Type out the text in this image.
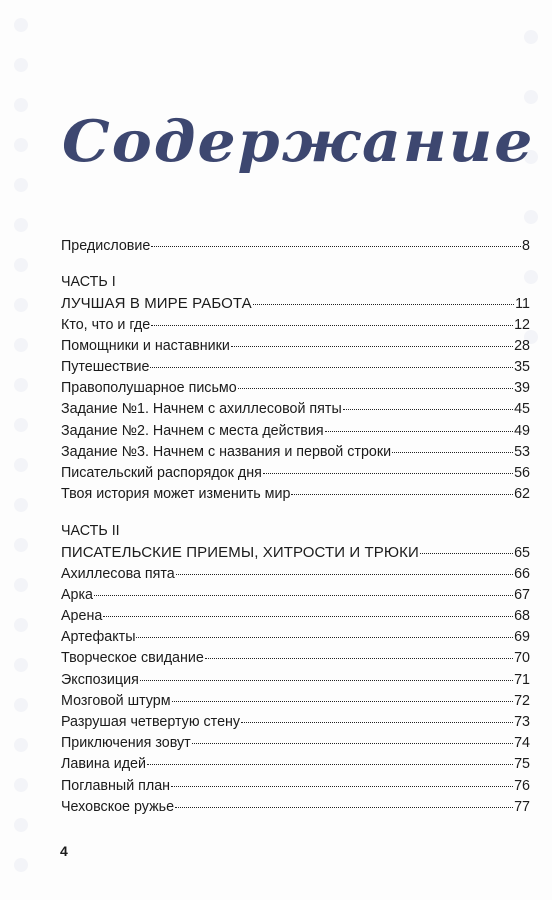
Содержание
Предисловие	8
ЧАСТЬ I
ЛУЧШАЯ В МИРЕ РАБОТА	11
Кто, что и где	12
Помощники и наставники	28
Путешествие	35
Правополушарное письмо	39
Задание №1. Начнем с ахиллесовой пяты	45
Задание №2. Начнем с места действия	49
Задание №3. Начнем с названия и первой строки	53
Писательский распорядок дня	56
Твоя история может изменить мир	62
ЧАСТЬ II
ПИСАТЕЛЬСКИЕ ПРИЕМЫ, ХИТРОСТИ И ТРЮКИ	65
Ахиллесова пята	66
Арка	67
Арена	68
Артефакты	69
Творческое свидание	70
Экспозиция	71
Мозговой штурм	72
Разрушая четвертую стену	73
Приключения зовут	74
Лавина идей	75
Поглавный план	76
Чеховское ружье	77
4
